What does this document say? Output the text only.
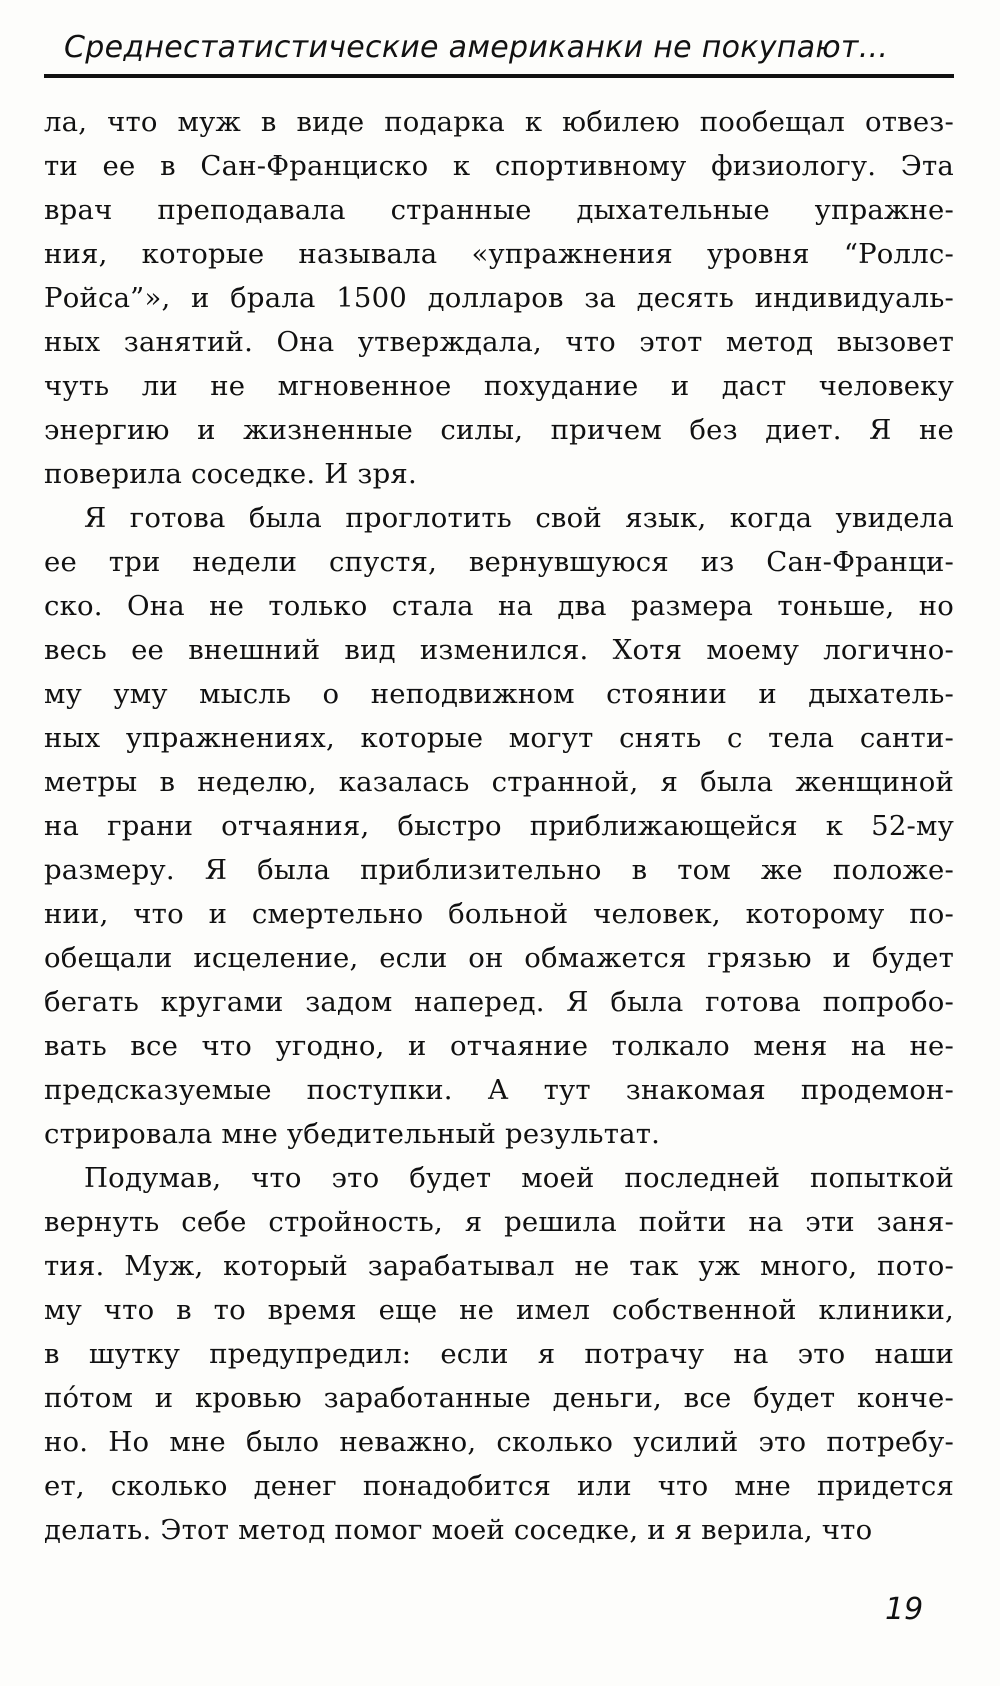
Среднестатистические американки не покупают...
ла, что муж в виде подарка к юбилею пообещал отвез-
ти ее в Сан-Франциско к спортивному физиологу. Эта
врач преподавала странные дыхательные упражне-
ния, которые называла «упражнения уровня “Роллс-
Ройса”», и брала 1500 долларов за десять индивидуаль-
ных занятий. Она утверждала, что этот метод вызовет
чуть ли не мгновенное похудание и даст человеку
энергию и жизненные силы, причем без диет. Я не
поверила соседке. И зря.
Я готова была проглотить свой язык, когда увидела
ее три недели спустя, вернувшуюся из Сан-Франци-
ско. Она не только стала на два размера тоньше, но
весь ее внешний вид изменился. Хотя моему логично-
му уму мысль о неподвижном стоянии и дыхатель-
ных упражнениях, которые могут снять с тела санти-
метры в неделю, казалась странной, я была женщиной
на грани отчаяния, быстро приближающейся к 52-му
размеру. Я была приблизительно в том же положе-
нии, что и смертельно больной человек, которому по-
обещали исцеление, если он обмажется грязью и будет
бегать кругами задом наперед. Я была готова попробо-
вать все что угодно, и отчаяние толкало меня на не-
предсказуемые поступки. А тут знакомая продемон-
стрировала мне убедительный результат.
Подумав, что это будет моей последней попыткой
вернуть себе стройность, я решила пойти на эти заня-
тия. Муж, который зарабатывал не так уж много, пото-
му что в то время еще не имел собственной клиники,
в шутку предупредил: если я потрачу на это наши
пóтом и кровью заработанные деньги, все будет конче-
но. Но мне было неважно, сколько усилий это потребу-
ет, сколько денег понадобится или что мне придется
делать. Этот метод помог моей соседке, и я верила, что
19
